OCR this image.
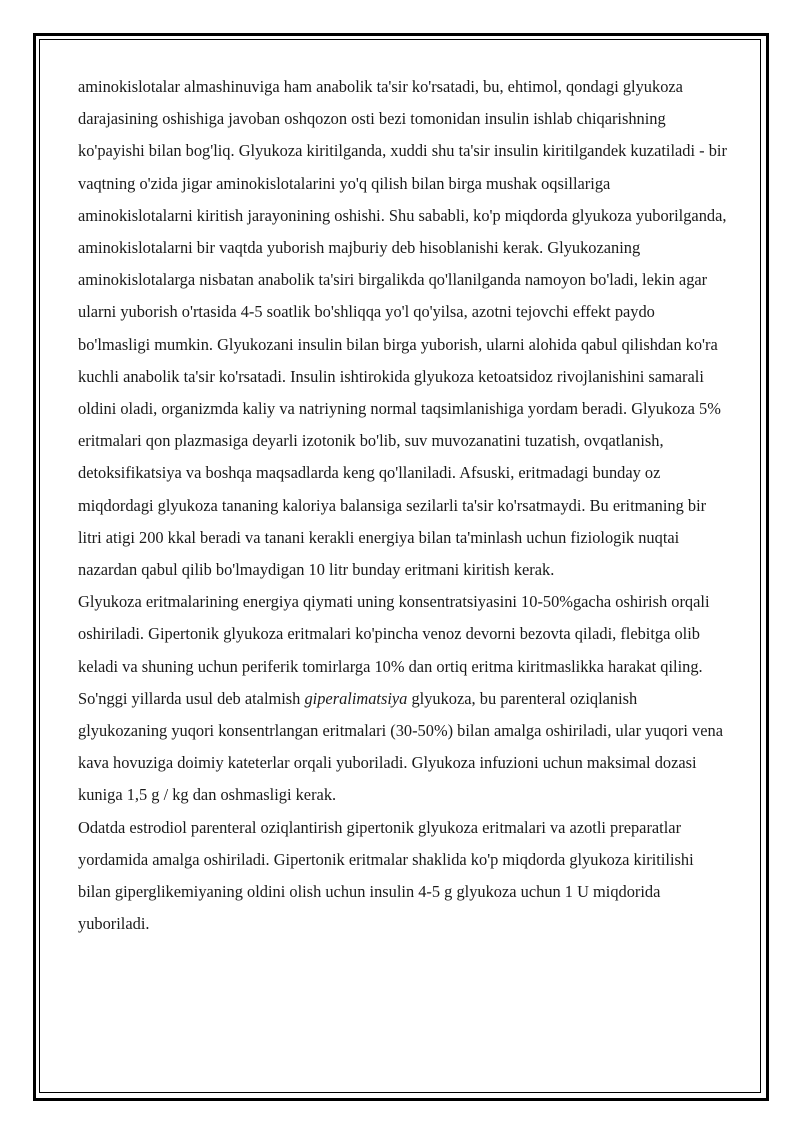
aminokislotalar almashinuviga ham anabolik ta'sir ko'rsatadi, bu, ehtimol, qondagi glyukoza darajasining oshishiga javoban oshqozon osti bezi tomonidan insulin ishlab chiqarishning ko'payishi bilan bog'liq. Glyukoza kiritilganda, xuddi shu ta'sir insulin kiritilgandek kuzatiladi - bir vaqtning o'zida jigar aminokislotalarini yo'q qilish bilan birga mushak oqsillariga aminokislotalarni kiritish jarayonining oshishi. Shu sababli, ko'p miqdorda glyukoza yuborilganda, aminokislotalarni bir vaqtda yuborish majburiy deb hisoblanishi kerak. Glyukozaning aminokislotalarga nisbatan anabolik ta'siri birgalikda qo'llanilganda namoyon bo'ladi, lekin agar ularni yuborish o'rtasida 4-5 soatlik bo'shliqqa yo'l qo'yilsa, azotni tejovchi effekt paydo bo'lmasligi mumkin. Glyukozani insulin bilan birga yuborish, ularni alohida qabul qilishdan ko'ra kuchli anabolik ta'sir ko'rsatadi. Insulin ishtirokida glyukoza ketoatsidoz rivojlanishini samarali oldini oladi, organizmda kaliy va natriyning normal taqsimlanishiga yordam beradi. Glyukoza 5% eritmalari qon plazmasiga deyarli izotonik bo'lib, suv muvozanatini tuzatish, ovqatlanish, detoksifikatsiya va boshqa maqsadlarda keng qo'llaniladi. Afsuski, eritmadagi bunday oz miqdordagi glyukoza tananing kaloriya balansiga sezilarli ta'sir ko'rsatmaydi. Bu eritmaning bir litri atigi 200 kkal beradi va tanani kerakli energiya bilan ta'minlash uchun fiziologik nuqtai nazardan qabul qilib bo'lmaydigan 10 litr bunday eritmani kiritish kerak.

Glyukoza eritmalarining energiya qiymati uning konsentratsiyasini 10-50%gacha oshirish orqali oshiriladi. Gipertonik glyukoza eritmalari ko'pincha venoz devorni bezovta qiladi, flebitga olib keladi va shuning uchun periferik tomirlarga 10% dan ortiq eritma kiritmaslikka harakat qiling.

So'nggi yillarda usul deb atalmish giperalimatsiya glyukoza, bu parenteral oziqlanish glyukozaning yuqori konsentrlangan eritmalari (30-50%) bilan amalga oshiriladi, ular yuqori vena kava hovuziga doimiy kateterlar orqali yuboriladi. Glyukoza infuzioni uchun maksimal dozasi kuniga 1,5 g / kg dan oshmasligi kerak.

Odatda estrodiol parenteral oziqlantirish gipertonik glyukoza eritmalari va azotli preparatlar yordamida amalga oshiriladi. Gipertonik eritmalar shaklida ko'p miqdorda glyukoza kiritilishi bilan giperglikemiyaning oldini olish uchun insulin 4-5 g glyukoza uchun 1 U miqdorida yuboriladi.
